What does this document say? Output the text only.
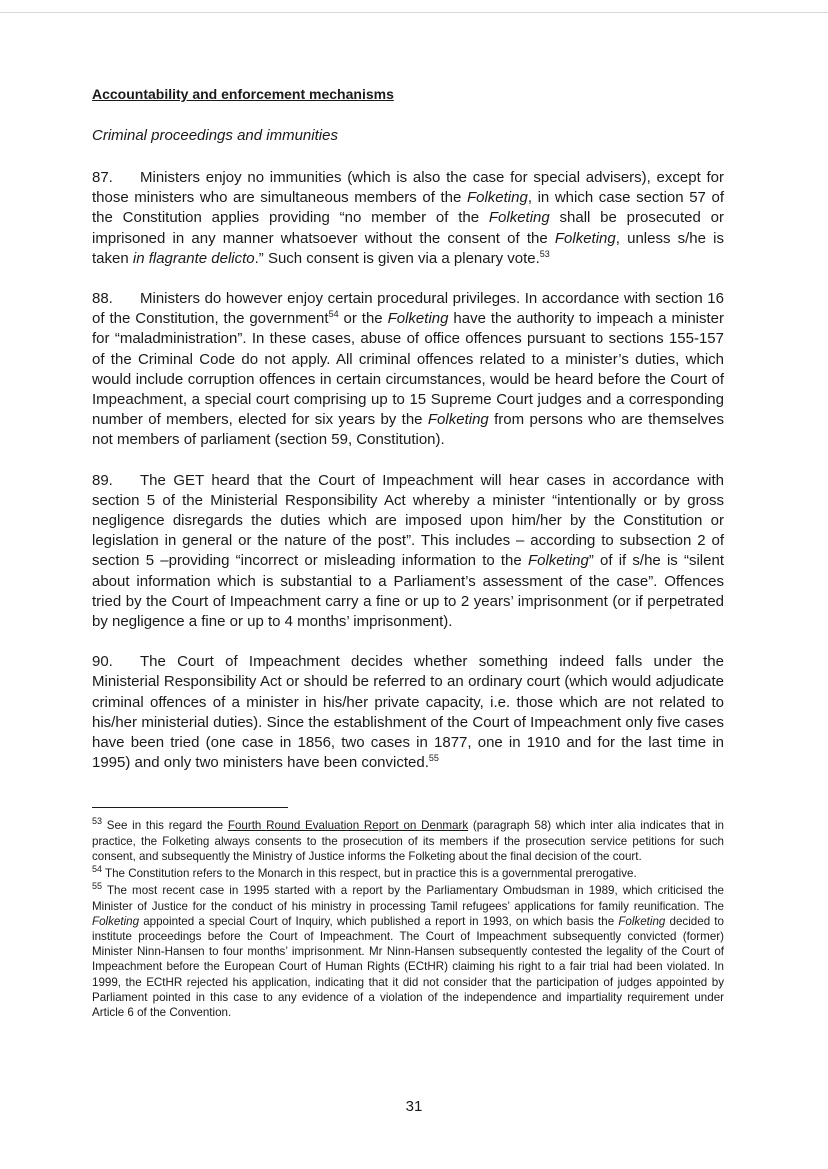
Accountability and enforcement mechanisms
Criminal proceedings and immunities
87. Ministers enjoy no immunities (which is also the case for special advisers), except for those ministers who are simultaneous members of the Folketing, in which case section 57 of the Constitution applies providing “no member of the Folketing shall be prosecuted or imprisoned in any manner whatsoever without the consent of the Folketing, unless s/he is taken in flagrante delicto.” Such consent is given via a plenary vote.$^{53}$
88. Ministers do however enjoy certain procedural privileges. In accordance with section 16 of the Constitution, the government$^{54}$ or the Folketing have the authority to impeach a minister for “maladministration”. In these cases, abuse of office offences pursuant to sections 155-157 of the Criminal Code do not apply. All criminal offences related to a minister’s duties, which would include corruption offences in certain circumstances, would be heard before the Court of Impeachment, a special court comprising up to 15 Supreme Court judges and a corresponding number of members, elected for six years by the Folketing from persons who are themselves not members of parliament (section 59, Constitution).
89. The GET heard that the Court of Impeachment will hear cases in accordance with section 5 of the Ministerial Responsibility Act whereby a minister “intentionally or by gross negligence disregards the duties which are imposed upon him/her by the Constitution or legislation in general or the nature of the post”. This includes – according to subsection 2 of section 5 –providing “incorrect or misleading information to the Folketing” of if s/he is “silent about information which is substantial to a Parliament’s assessment of the case”. Offences tried by the Court of Impeachment carry a fine or up to 2 years’ imprisonment (or if perpetrated by negligence a fine or up to 4 months’ imprisonment).
90. The Court of Impeachment decides whether something indeed falls under the Ministerial Responsibility Act or should be referred to an ordinary court (which would adjudicate criminal offences of a minister in his/her private capacity, i.e. those which are not related to his/her ministerial duties). Since the establishment of the Court of Impeachment only five cases have been tried (one case in 1856, two cases in 1877, one in 1910 and for the last time in 1995) and only two ministers have been convicted.$^{55}$
$^{53}$ See in this regard the Fourth Round Evaluation Report on Denmark (paragraph 58) which inter alia indicates that in practice, the Folketing always consents to the prosecution of its members if the prosecution service petitions for such consent, and subsequently the Ministry of Justice informs the Folketing about the final decision of the court.
$^{54}$ The Constitution refers to the Monarch in this respect, but in practice this is a governmental prerogative.
$^{55}$ The most recent case in 1995 started with a report by the Parliamentary Ombudsman in 1989, which criticised the Minister of Justice for the conduct of his ministry in processing Tamil refugees’ applications for family reunification. The Folketing appointed a special Court of Inquiry, which published a report in 1993, on which basis the Folketing decided to institute proceedings before the Court of Impeachment. The Court of Impeachment subsequently convicted (former) Minister Ninn-Hansen to four months’ imprisonment. Mr Ninn-Hansen subsequently contested the legality of the Court of Impeachment before the European Court of Human Rights (ECtHR) claiming his right to a fair trial had been violated. In 1999, the ECtHR rejected his application, indicating that it did not consider that the participation of judges appointed by Parliament pointed in this case to any evidence of a violation of the independence and impartiality requirement under Article 6 of the Convention.
31
